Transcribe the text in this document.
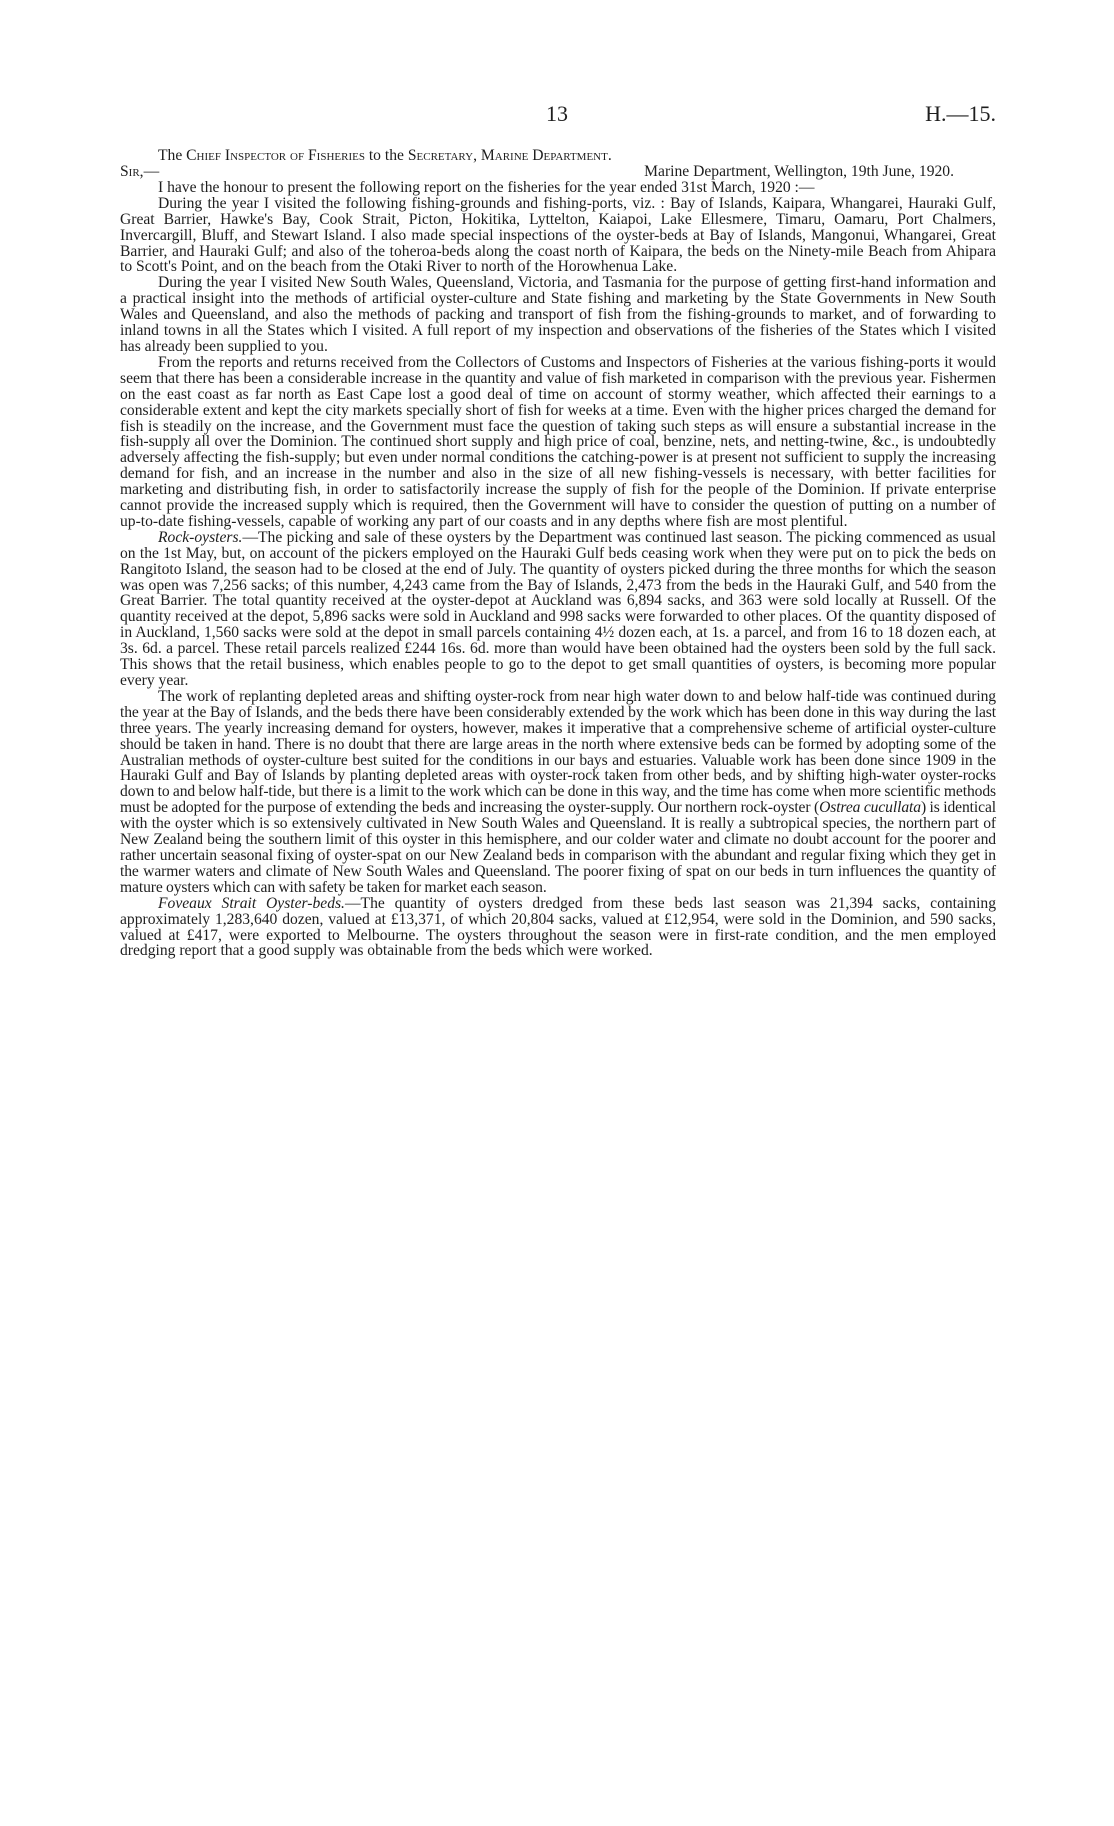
13	H.—15.

The Chief Inspector of Fisheries to the Secretary, Marine Department.

Sir,—	Marine Department, Wellington, 19th June, 1920.

I have the honour to present the following report on the fisheries for the year ended 31st March, 1920 :—

During the year I visited the following fishing-grounds and fishing-ports, viz. : Bay of Islands, Kaipara, Whangarei, Hauraki Gulf, Great Barrier, Hawke's Bay, Cook Strait, Picton, Hokitika, Lyttelton, Kaiapoi, Lake Ellesmere, Timaru, Oamaru, Port Chalmers, Invercargill, Bluff, and Stewart Island. I also made special inspections of the oyster-beds at Bay of Islands, Mangonui, Whangarei, Great Barrier, and Hauraki Gulf; and also of the toheroa-beds along the coast north of Kaipara, the beds on the Ninety-mile Beach from Ahipara to Scott's Point, and on the beach from the Otaki River to north of the Horowhenua Lake.

During the year I visited New South Wales, Queensland, Victoria, and Tasmania for the purpose of getting first-hand information and a practical insight into the methods of artificial oyster-culture and State fishing and marketing by the State Governments in New South Wales and Queensland, and also the methods of packing and transport of fish from the fishing-grounds to market, and of forwarding to inland towns in all the States which I visited. A full report of my inspection and observations of the fisheries of the States which I visited has already been supplied to you.

From the reports and returns received from the Collectors of Customs and Inspectors of Fisheries at the various fishing-ports it would seem that there has been a considerable increase in the quantity and value of fish marketed in comparison with the previous year. Fishermen on the east coast as far north as East Cape lost a good deal of time on account of stormy weather, which affected their earnings to a considerable extent and kept the city markets specially short of fish for weeks at a time. Even with the higher prices charged the demand for fish is steadily on the increase, and the Government must face the question of taking such steps as will ensure a substantial increase in the fish-supply all over the Dominion. The continued short supply and high price of coal, benzine, nets, and netting-twine, &c., is undoubtedly adversely affecting the fish-supply; but even under normal conditions the catching-power is at present not sufficient to supply the increasing demand for fish, and an increase in the number and also in the size of all new fishing-vessels is necessary, with better facilities for marketing and distributing fish, in order to satisfactorily increase the supply of fish for the people of the Dominion. If private enterprise cannot provide the increased supply which is required, then the Government will have to consider the question of putting on a number of up-to-date fishing-vessels, capable of working any part of our coasts and in any depths where fish are most plentiful.

Rock-oysters.—The picking and sale of these oysters by the Department was continued last season. The picking commenced as usual on the 1st May, but, on account of the pickers employed on the Hauraki Gulf beds ceasing work when they were put on to pick the beds on Rangitoto Island, the season had to be closed at the end of July. The quantity of oysters picked during the three months for which the season was open was 7,256 sacks; of this number, 4,243 came from the Bay of Islands, 2,473 from the beds in the Hauraki Gulf, and 540 from the Great Barrier. The total quantity received at the oyster-depot at Auckland was 6,894 sacks, and 363 were sold locally at Russell. Of the quantity received at the depot, 5,896 sacks were sold in Auckland and 998 sacks were forwarded to other places. Of the quantity disposed of in Auckland, 1,560 sacks were sold at the depot in small parcels containing 4½ dozen each, at 1s. a parcel, and from 16 to 18 dozen each, at 3s. 6d. a parcel. These retail parcels realized £244 16s. 6d. more than would have been obtained had the oysters been sold by the full sack. This shows that the retail business, which enables people to go to the depot to get small quantities of oysters, is becoming more popular every year.

The work of replanting depleted areas and shifting oyster-rock from near high water down to and below half-tide was continued during the year at the Bay of Islands, and the beds there have been considerably extended by the work which has been done in this way during the last three years. The yearly increasing demand for oysters, however, makes it imperative that a comprehensive scheme of artificial oyster-culture should be taken in hand. There is no doubt that there are large areas in the north where extensive beds can be formed by adopting some of the Australian methods of oyster-culture best suited for the conditions in our bays and estuaries. Valuable work has been done since 1909 in the Hauraki Gulf and Bay of Islands by planting depleted areas with oyster-rock taken from other beds, and by shifting high-water oyster-rocks down to and below half-tide, but there is a limit to the work which can be done in this way, and the time has come when more scientific methods must be adopted for the purpose of extending the beds and increasing the oyster-supply. Our northern rock-oyster (Ostrea cucullata) is identical with the oyster which is so extensively cultivated in New South Wales and Queensland. It is really a subtropical species, the northern part of New Zealand being the southern limit of this oyster in this hemisphere, and our colder water and climate no doubt account for the poorer and rather uncertain seasonal fixing of oyster-spat on our New Zealand beds in comparison with the abundant and regular fixing which they get in the warmer waters and climate of New South Wales and Queensland. The poorer fixing of spat on our beds in turn influences the quantity of mature oysters which can with safety be taken for market each season.

Foveaux Strait Oyster-beds.—The quantity of oysters dredged from these beds last season was 21,394 sacks, containing approximately 1,283,640 dozen, valued at £13,371, of which 20,804 sacks, valued at £12,954, were sold in the Dominion, and 590 sacks, valued at £417, were exported to Melbourne. The oysters throughout the season were in first-rate condition, and the men employed dredging report that a good supply was obtainable from the beds which were worked.
